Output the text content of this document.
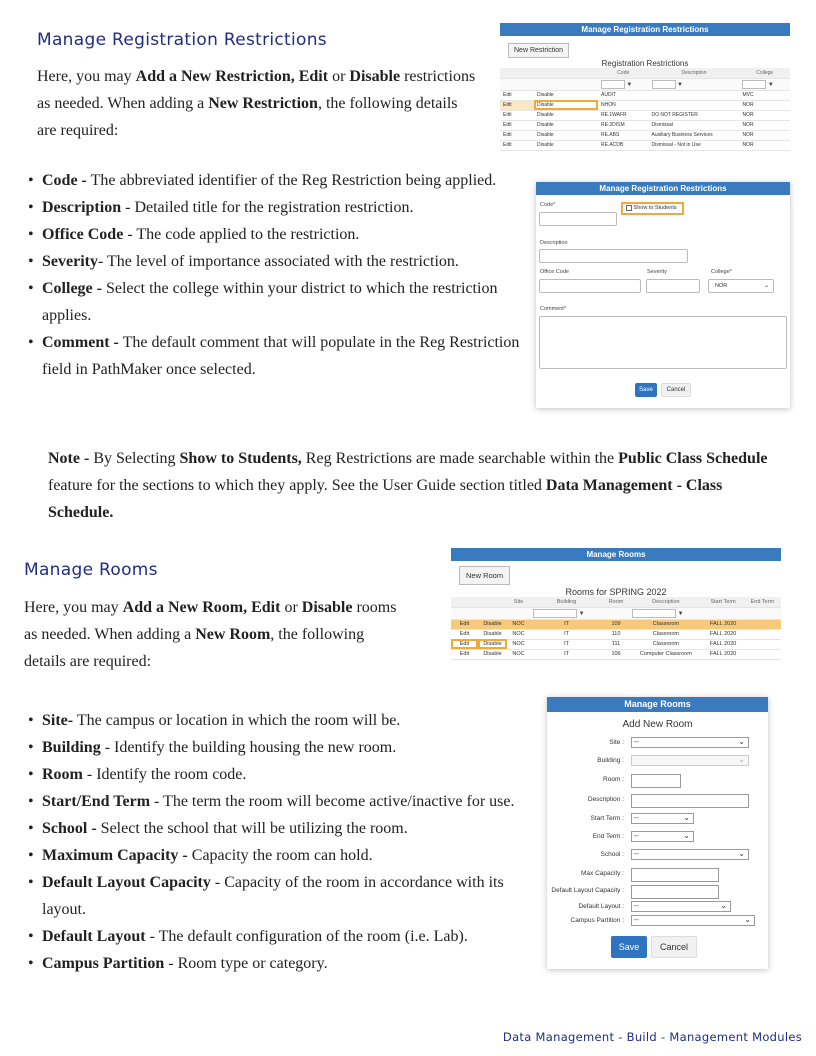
Manage Registration Restrictions
Here, you may Add a New Restriction, Edit or Disable restrictions as needed. When adding a New Restriction, the following details are required:
• Code - The abbreviated identifier of the Reg Restriction being applied.
• Description - Detailed title for the registration restriction.
• Office Code - The code applied to the restriction.
• Severity- The level of importance associated with the restriction.
• College - Select the college within your district to which the restriction applies.
• Comment - The default comment that will populate in the Reg Restriction field in PathMaker once selected.
Note - By Selecting Show to Students, Reg Restrictions are made searchable within the Public Class Schedule feature for the sections to which they apply. See the User Guide section titled Data Management - Class Schedule.
Manage Registration Restrictions
New Restriction
Registration Restrictions
		Code	Description	College
		▼	▼	▼
Edit	Disable	AUDIT		MVC
Edit	Disable	NHON		NOR
Edit	Disable	RE.1WAFR	DO NOT REGISTER	NOR
Edit	Disable	RE.2DISM	Dismissal	NOR
Edit	Disable	RE.ABS	Auxiliary Business Services	NOR
Edit	Disable	RE.ACDB	Dismissal - Not in Use	NOR
Manage Registration Restrictions
Code*	Show to Students
Description
Office Code	Severity	College*
NOR	⌄
Comment*
Save	Cancel
Manage Rooms
Here, you may Add a New Room, Edit or Disable rooms as needed. When adding a New Room, the following details are required:
• Site- The campus or location in which the room will be.
• Building - Identify the building housing the new room.
• Room - Identify the room code.
• Start/End Term - The term the room will become active/inactive for use.
• School - Select the school that will be utilizing the room.
• Maximum Capacity - Capacity the room can hold.
• Default Layout Capacity - Capacity of the room in accordance with its layout.
• Default Layout - The default configuration of the room (i.e. Lab).
• Campus Partition - Room type or category.
Manage Rooms
New Room
Rooms for SPRING 2022
		Site	Building	Room	Description	Start Term	End Term
			▼		▼		
Edit	Disable	NOC	IT	109	Classroom	FALL 2020	
Edit	Disable	NOC	IT	110	Classroom	FALL 2020	
Edit	Disable	NOC	IT	111	Classroom	FALL 2020	
Edit	Disable	NOC	IT	106	Computer Classroom	FALL 2020	
Manage Rooms
Add New Room
Site :	--	⌄
Building :	⌄
Room :
Description :
Start Term :	--	⌄
End Term :	--	⌄
School :	--	⌄
Max Capacity :
Default Layout Capacity :
Default Layout :	--	⌄
Campus Partition :	--	⌄
Save	Cancel
Data Management - Build - Management Modules
